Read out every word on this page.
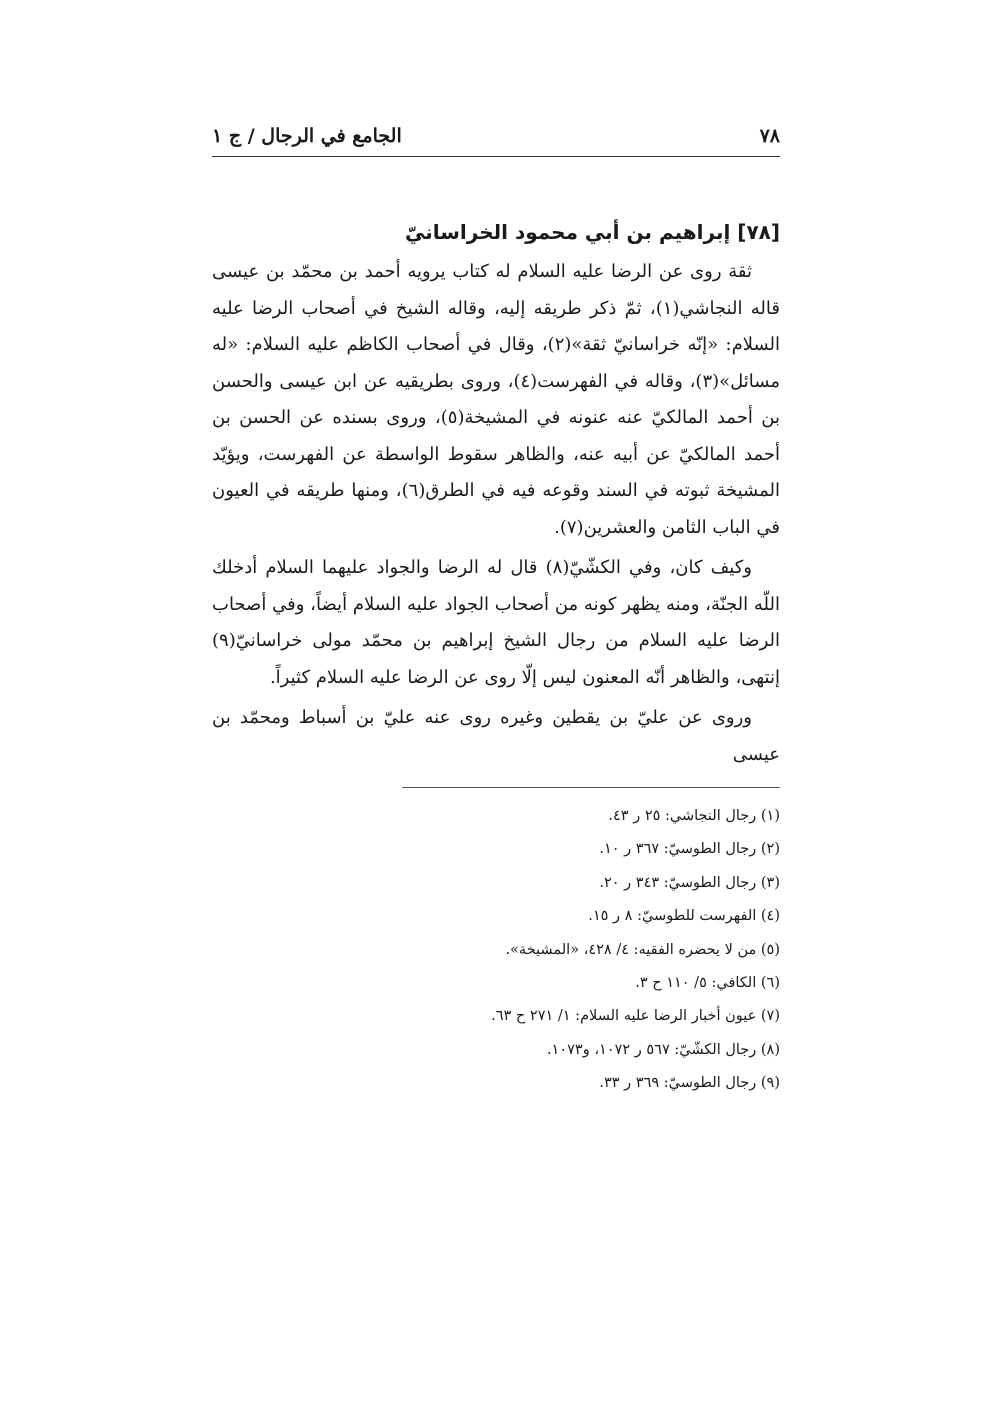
٧٨
الجامع في الرجال / ج ١
[٧٨] إبراهيم بن أبي محمود الخراسانيّ

ثقة روى عن الرضا عليه السلام له كتاب يرويه أحمد بن محمّد بن عيسى قاله النجاشي(١)، ثمّ ذكر طريقه إليه، وقاله الشيخ في أصحاب الرضا عليه السلام: «إنّه خراسانيّ ثقة»(٢)، وقال في أصحاب الكاظم عليه السلام: «له مسائل»(٣)، وقاله في الفهرست(٤)، وروى بطريقيه عن ابن عيسى والحسن بن أحمد المالكيّ عنه عنونه في المشيخة(٥)، وروى بسنده عن الحسن بن أحمد المالكيّ عن أبيه عنه، والظاهر سقوط الواسطة عن الفهرست، ويؤيّد المشيخة ثبوته في السند وقوعه فيه في الطرق(٦)، ومنها طريقه في العيون في الباب الثامن والعشرين(٧).

وكيف كان، وفي الكشّيّ(٨) قال له الرضا والجواد عليهما السلام أدخلك اللّه الجنّة، ومنه يظهر كونه من أصحاب الجواد عليه السلام أيضاً، وفي أصحاب الرضا عليه السلام من رجال الشيخ إبراهيم بن محمّد مولى خراسانيّ(٩) إنتهى، والظاهر أنّه المعنون ليس إلّا روى عن الرضا عليه السلام كثيراً.

وروى عن عليّ بن يقطين وغيره روى عنه عليّ بن أسباط ومحمّد بن عيسى

(١) رجال النجاشي: ٢٥ ر ٤٣.
(٢) رجال الطوسيّ: ٣٦٧ ر ١٠.
(٣) رجال الطوسيّ: ٣٤٣ ر ٢٠.
(٤) الفهرست للطوسيّ: ٨ ر ١٥.
(٥) من لا يحضره الفقيه: ٤/ ٤٢٨، «المشيخة».
(٦) الكافي: ٥/ ١١٠ ح ٣.
(٧) عيون أخبار الرضا عليه السلام: ١/ ٢٧١ ح ٦٣.
(٨) رجال الكشّيّ: ٥٦٧ ر ١٠٧٢، و١٠٧٣.
(٩) رجال الطوسيّ: ٣٦٩ ر ٣٣.
